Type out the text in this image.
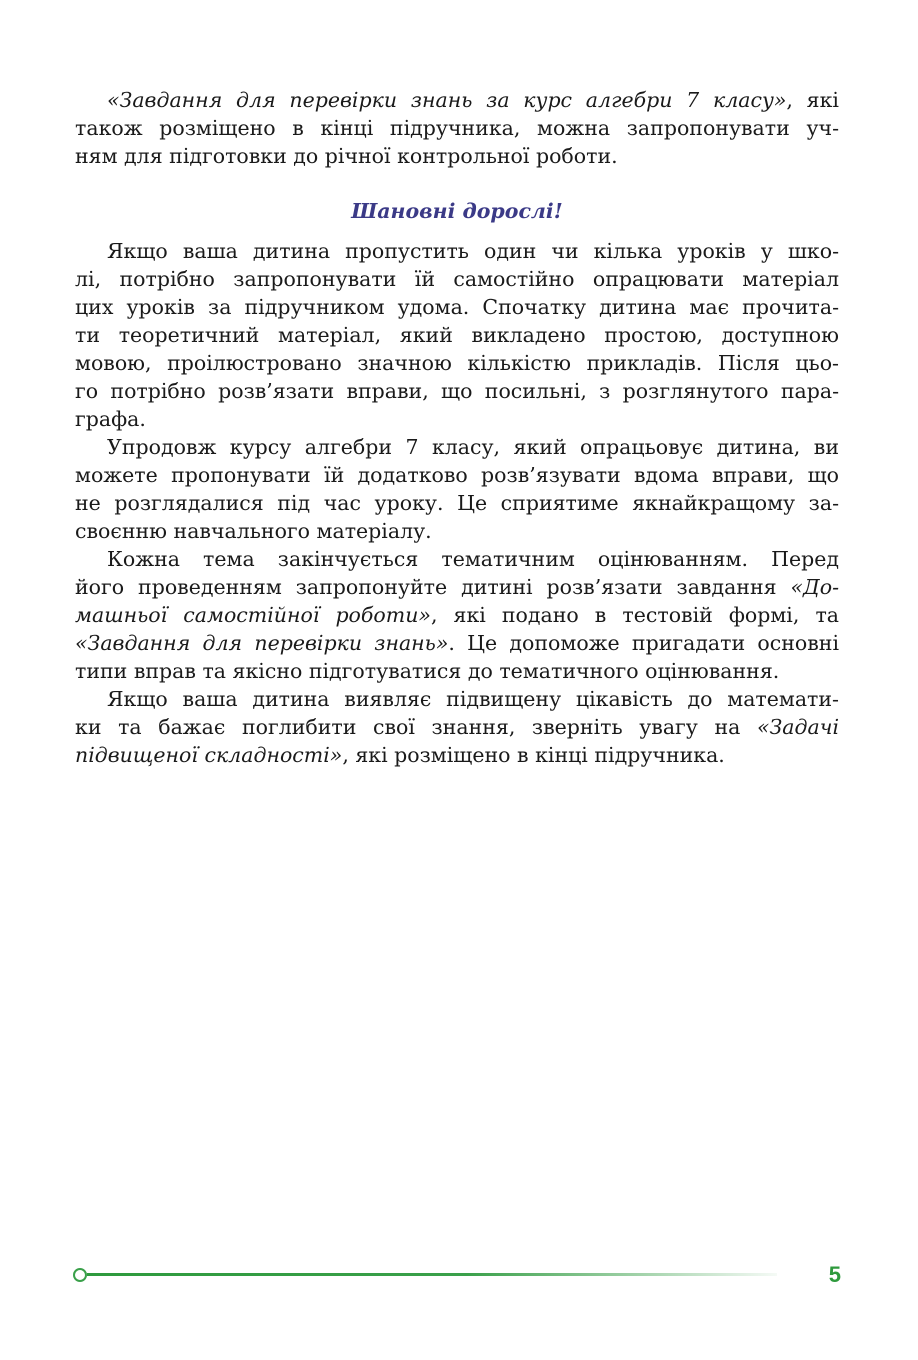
«Завдання для перевірки знань за курс алгебри 7 класу», які
також розміщено в кінці підручника, можна запропонувати уч-
ням для підготовки до річної контрольної роботи.
Шановні дорослі!
Якщо ваша дитина пропустить один чи кілька уроків у шко-
лі, потрібно запропонувати їй самостійно опрацювати матеріал
цих уроків за підручником удома. Спочатку дитина має прочита-
ти теоретичний матеріал, який викладено простою, доступною
мовою, проілюстровано значною кількістю прикладів. Після цьо-
го потрібно розв’язати вправи, що посильні, з розглянутого пара-
графа.
Упродовж курсу алгебри 7 класу, який опрацьовує дитина, ви
можете пропонувати їй додатково розв’язувати вдома вправи, що
не розглядалися під час уроку. Це сприятиме якнайкращому за-
своєнню навчального матеріалу.
Кожна тема закінчується тематичним оцінюванням. Перед
його проведенням запропонуйте дитині розв’язати завдання «До-
машньої самостійної роботи», які подано в тестовій формі, та
«Завдання для перевірки знань». Це допоможе пригадати основні
типи вправ та якісно підготуватися до тематичного оцінювання.
Якщо ваша дитина виявляє підвищену цікавість до математи-
ки та бажає поглибити свої знання, зверніть увагу на «Задачі
підвищеної складності», які розміщено в кінці підручника.
5
